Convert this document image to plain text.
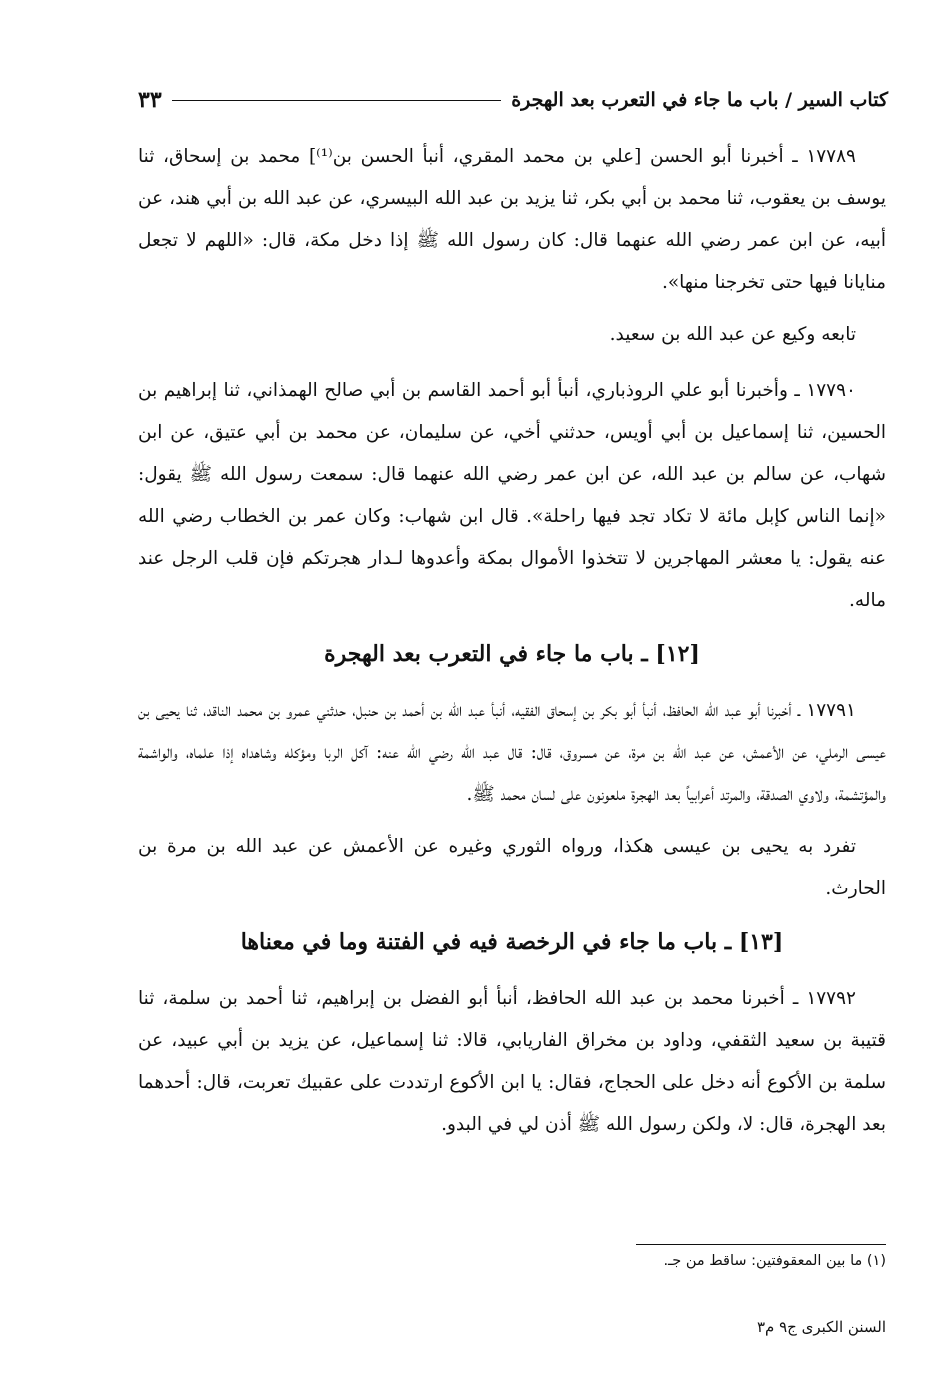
كتاب السير / باب ما جاء في التعرب بعد الهجرة
٣٣

١٧٧٨٩ ـ أخبرنا أبو الحسن [علي بن محمد المقري، أنبأ الحسن بن⁽¹⁾] محمد بن إسحاق، ثنا يوسف بن يعقوب، ثنا محمد بن أبي بكر، ثنا يزيد بن عبد الله البيسري، عن عبد الله بن أبي هند، عن أبيه، عن ابن عمر رضي الله عنهما قال: كان رسول الله ﷺ إذا دخل مكة، قال: «اللهم لا تجعل منايانا فيها حتى تخرجنا منها».

تابعه وكيع عن عبد الله بن سعيد.

١٧٧٩٠ ـ وأخبرنا أبو علي الروذباري، أنبأ أبو أحمد القاسم بن أبي صالح الهمذاني، ثنا إبراهيم بن الحسين، ثنا إسماعيل بن أبي أويس، حدثني أخي، عن سليمان، عن محمد بن أبي عتيق، عن ابن شهاب، عن سالم بن عبد الله، عن ابن عمر رضي الله عنهما قال: سمعت رسول الله ﷺ يقول: «إنما الناس كإبل مائة لا تكاد تجد فيها راحلة». قال ابن شهاب: وكان عمر بن الخطاب رضي الله عنه يقول: يا معشر المهاجرين لا تتخذوا الأموال بمكة وأعدوها لـدار هجرتكم فإن قلب الرجل عند ماله.

[١٢] ـ باب ما جاء في التعرب بعد الهجرة

١٧٧٩١ ـ أخبرنا أبو عبد الله الحافظ، أنبأ أبو بكر بن إسحاق الفقيه، أنبأ عبد الله بن أحمد بن حنبل، حدثني عمرو بن محمد الناقد، ثنا يحيى بن عيسى الرملي، عن الأعمش، عن عبد الله بن مرة، عن مسروق، قال: قال عبد الله رضي الله عنه: آكل الربا ومؤكله وشاهداه إذا علماه، والواشمة والمؤتشمة، ولاوي الصدقة، والمرتد أعرابياً بعد الهجرة ملعونون على لسان محمد ﷺ.

تفرد به يحيى بن عيسى هكذا، ورواه الثوري وغيره عن الأعمش عن عبد الله بن مرة بن الحارث.

[١٣] ـ باب ما جاء في الرخصة فيه في الفتنة وما في معناها

١٧٧٩٢ ـ أخبرنا محمد بن عبد الله الحافظ، أنبأ أبو الفضل بن إبراهيم، ثنا أحمد بن سلمة، ثنا قتيبة بن سعيد الثقفي، وداود بن مخراق الفاريابي، قالا: ثنا إسماعيل، عن يزيد بن أبي عبيد، عن سلمة بن الأكوع أنه دخل على الحجاج، فقال: يا ابن الأكوع ارتددت على عقبيك تعربت، قال: أحدهما بعد الهجرة، قال: لا، ولكن رسول الله ﷺ أذن لي في البدو.

(١) ما بين المعقوفتين: ساقط من جـ.
السنن الكبرى ج٩ م٣
